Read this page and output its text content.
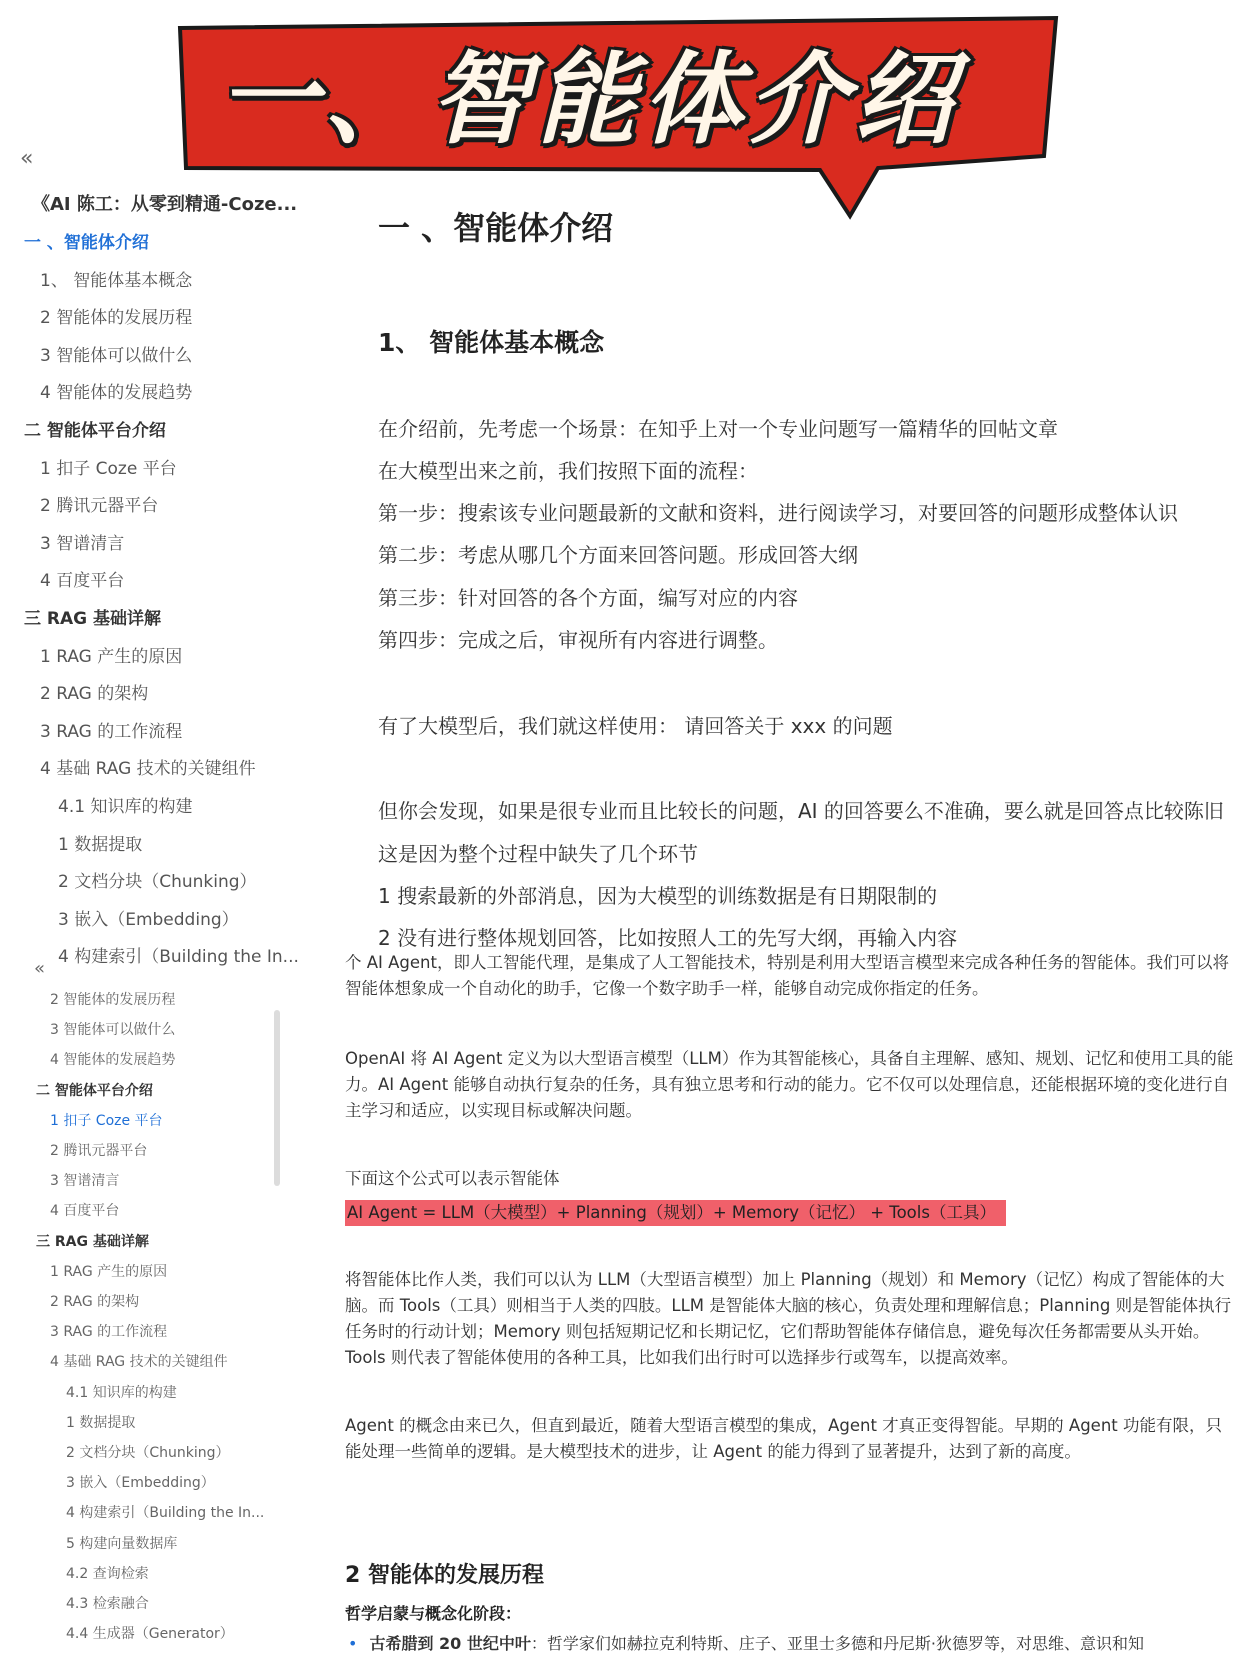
一、智能体介绍
«
《AI 陈工：从零到精通-Coze...
一 、智能体介绍
1、 智能体基本概念
2 智能体的发展历程
3 智能体可以做什么
4 智能体的发展趋势
二 智能体平台介绍
1 扣子 Coze 平台
2 腾讯元器平台
3 智谱清言
4 百度平台
三 RAG 基础详解
1 RAG 产生的原因
2 RAG 的架构
3 RAG 的工作流程
4 基础 RAG 技术的关键组件
4.1 知识库的构建
1 数据提取
2 文档分块（Chunking）
3 嵌入（Embedding）
4 构建索引（Building the In...
一 、智能体介绍
1、 智能体基本概念
在介绍前，先考虑一个场景：在知乎上对一个专业问题写一篇精华的回帖文章
在大模型出来之前，我们按照下面的流程：
第一步：搜索该专业问题最新的文献和资料，进行阅读学习，对要回答的问题形成整体认识
第二步：考虑从哪几个方面来回答问题。形成回答大纲
第三步：针对回答的各个方面，编写对应的内容
第四步：完成之后，审视所有内容进行调整。
有了大模型后，我们就这样使用： 请回答关于 xxx 的问题
但你会发现，如果是很专业而且比较长的问题，AI 的回答要么不准确，要么就是回答点比较陈旧
这是因为整个过程中缺失了几个环节
1 搜索最新的外部消息，因为大模型的训练数据是有日期限制的
2 没有进行整体规划回答，比如按照人工的先写大纲，再输入内容
«
2 智能体的发展历程
3 智能体可以做什么
4 智能体的发展趋势
二 智能体平台介绍
1 扣子 Coze 平台
2 腾讯元器平台
3 智谱清言
4 百度平台
三 RAG 基础详解
1 RAG 产生的原因
2 RAG 的架构
3 RAG 的工作流程
4 基础 RAG 技术的关键组件
4.1 知识库的构建
1 数据提取
2 文档分块（Chunking）
3 嵌入（Embedding）
4 构建索引（Building the In...
5 构建向量数据库
4.2 查询检索
4.3 检索融合
4.4 生成器（Generator）
个 AI Agent，即人工智能代理，是集成了人工智能技术，特别是利用大型语言模型来完成各种任务的智能体。我们可以将智能体想象成一个自动化的助手，它像一个数字助手一样，能够自动完成你指定的任务。
OpenAI 将 AI Agent 定义为以大型语言模型（LLM）作为其智能核心，具备自主理解、感知、规划、记忆和使用工具的能力。AI Agent 能够自动执行复杂的任务，具有独立思考和行动的能力。它不仅可以处理信息，还能根据环境的变化进行自主学习和适应，以实现目标或解决问题。
下面这个公式可以表示智能体
AI Agent = LLM（大模型）+ Planning（规划）+ Memory（记忆） + Tools（工具）
将智能体比作人类，我们可以认为 LLM（大型语言模型）加上 Planning（规划）和 Memory（记忆）构成了智能体的大脑。而 Tools（工具）则相当于人类的四肢。LLM 是智能体大脑的核心，负责处理和理解信息；Planning 则是智能体执行任务时的行动计划；Memory 则包括短期记忆和长期记忆，它们帮助智能体存储信息，避免每次任务都需要从头开始。Tools 则代表了智能体使用的各种工具，比如我们出行时可以选择步行或驾车，以提高效率。
Agent 的概念由来已久，但直到最近，随着大型语言模型的集成，Agent 才真正变得智能。早期的 Agent 功能有限，只能处理一些简单的逻辑。是大模型技术的进步，让 Agent 的能力得到了显著提升，达到了新的高度。
2 智能体的发展历程
哲学启蒙与概念化阶段：
• 古希腊到 20 世纪中叶：哲学家们如赫拉克利特斯、庄子、亚里士多德和丹尼斯·狄德罗等，对思维、意识和知
